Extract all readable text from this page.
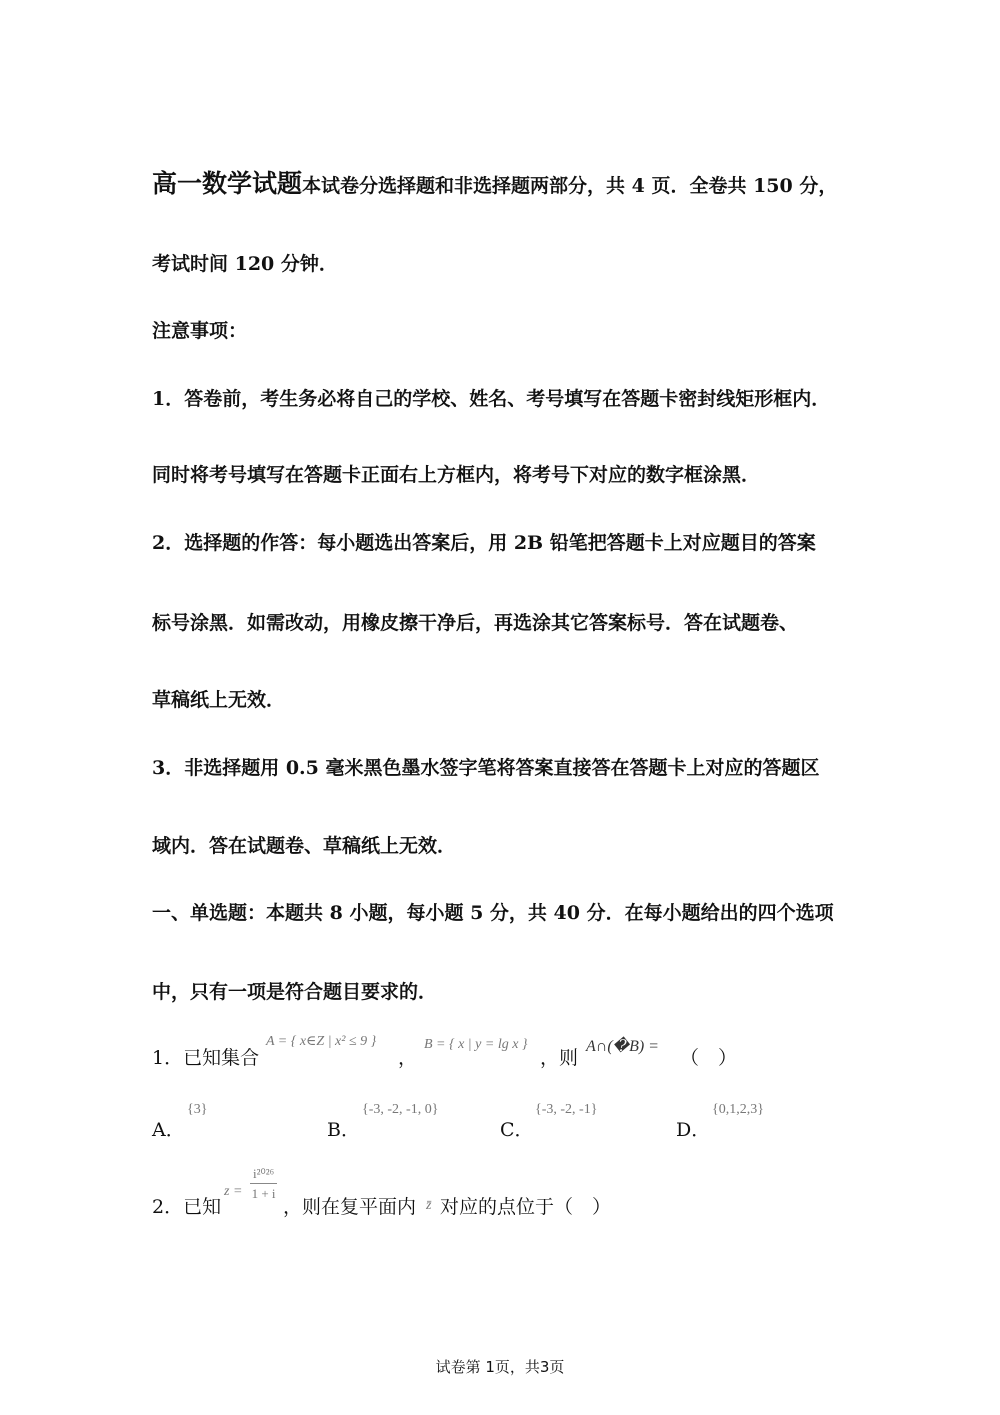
高一数学试题本试卷分选择题和非选择题两部分，共 4 页．全卷共 150 分，
考试时间 120 分钟．
注意事项：
1．答卷前，考生务必将自己的学校、姓名、考号填写在答题卡密封线矩形框内．
同时将考号填写在答题卡正面右上方框内，将考号下对应的数字框涂黑．
2．选择题的作答：每小题选出答案后，用 2B 铅笔把答题卡上对应题目的答案
标号涂黑．如需改动，用橡皮擦干净后，再选涂其它答案标号．答在试题卷、
草稿纸上无效．
3．非选择题用 0.5 毫米黑色墨水签字笔将答案直接答在答题卡上对应的答题区
域内．答在试题卷、草稿纸上无效．
一、单选题：本题共 8 小题，每小题 5 分，共 40 分．在每小题给出的四个选项
中，只有一项是符合题目要求的．
1．已知集合
A = { x∈Z | x² ≤ 9 }
，
B = { x | y = lg x }
，则
A∩(�B) =
（　）
A．
{3}
B．
{-3, -2, -1, 0}
C．
{-3, -2, -1}
D．
{0,1,2,3}
2．已知
$z = \frac{\text{i²⁰²⁶}}{1 + i}$
，则在复平面内 z̄ 对应的点位于（　）
试卷第 1页，共3页
